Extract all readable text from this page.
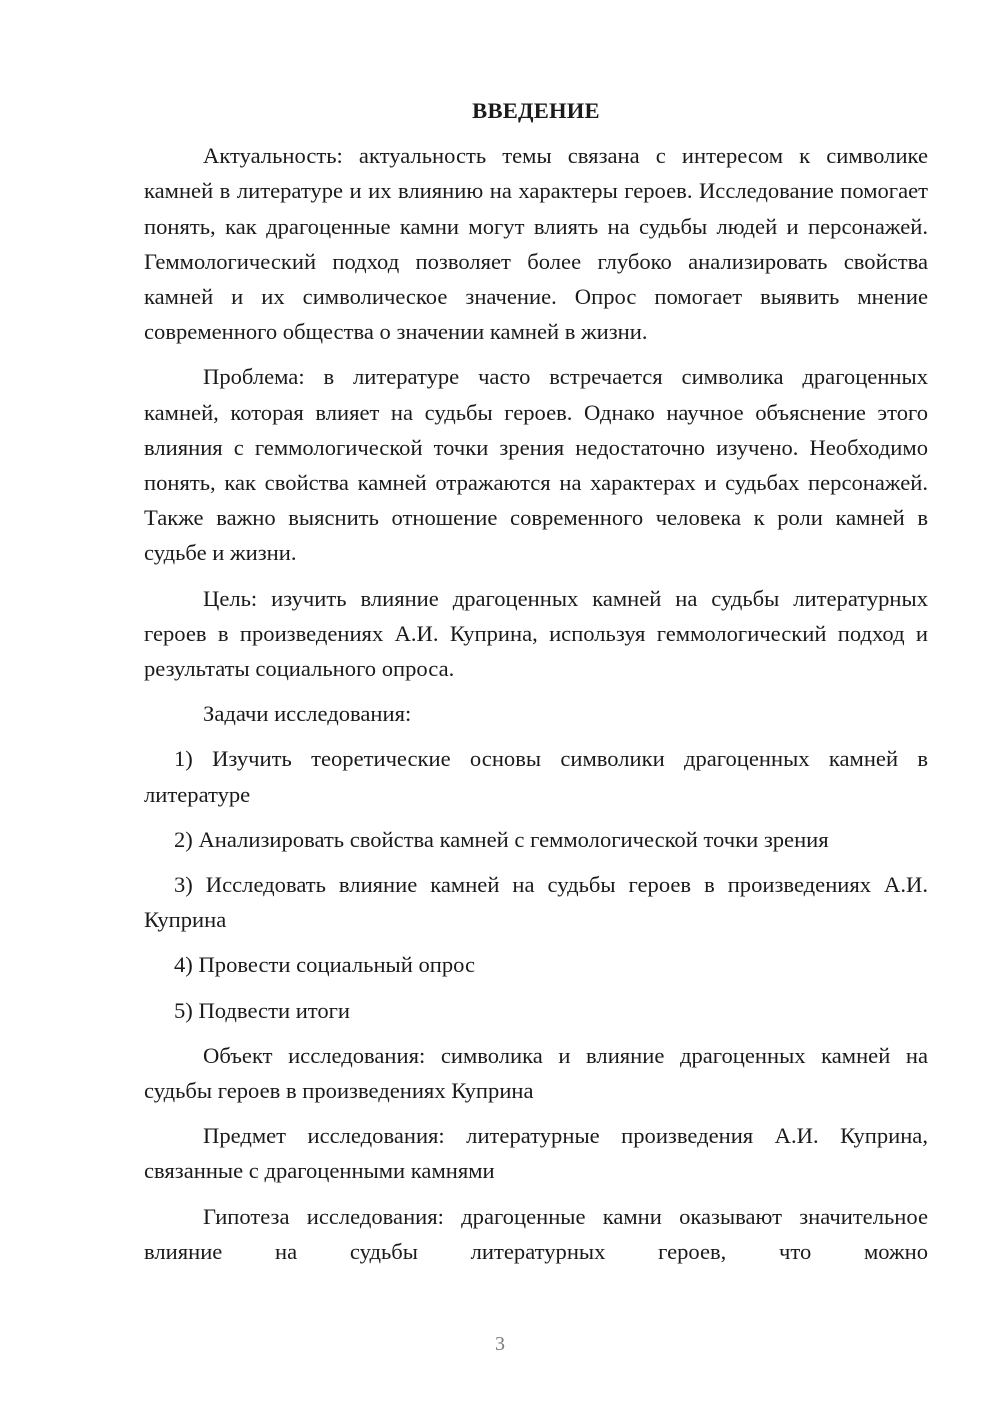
ВВЕДЕНИЕ
Актуальность: актуальность темы связана с интересом к символике камней в литературе и их влиянию на характеры героев. Исследование помогает понять, как драгоценные камни могут влиять на судьбы людей и персонажей. Геммологический подход позволяет более глубоко анализировать свойства камней и их символическое значение. Опрос помогает выявить мнение современного общества о значении камней в жизни.
Проблема: в литературе часто встречается символика драгоценных камней, которая влияет на судьбы героев. Однако научное объяснение этого влияния с геммологической точки зрения недостаточно изучено. Необходимо понять, как свойства камней отражаются на характерах и судьбах персонажей. Также важно выяснить отношение современного человека к роли камней в судьбе и жизни.
Цель: изучить влияние драгоценных камней на судьбы литературных героев в произведениях А.И. Куприна, используя геммологический подход и результаты социального опроса.
Задачи исследования:
1) Изучить теоретические основы символики драгоценных камней в литературе
2) Анализировать свойства камней с геммологической точки зрения
3) Исследовать влияние камней на судьбы героев в произведениях А.И. Куприна
4) Провести социальный опрос
5) Подвести итоги
Объект исследования: символика и влияние драгоценных камней на судьбы героев в произведениях Куприна
Предмет исследования: литературные произведения А.И. Куприна, связанные с драгоценными камнями
Гипотеза исследования: драгоценные камни оказывают значительное влияние на судьбы литературных героев, что можно
3
